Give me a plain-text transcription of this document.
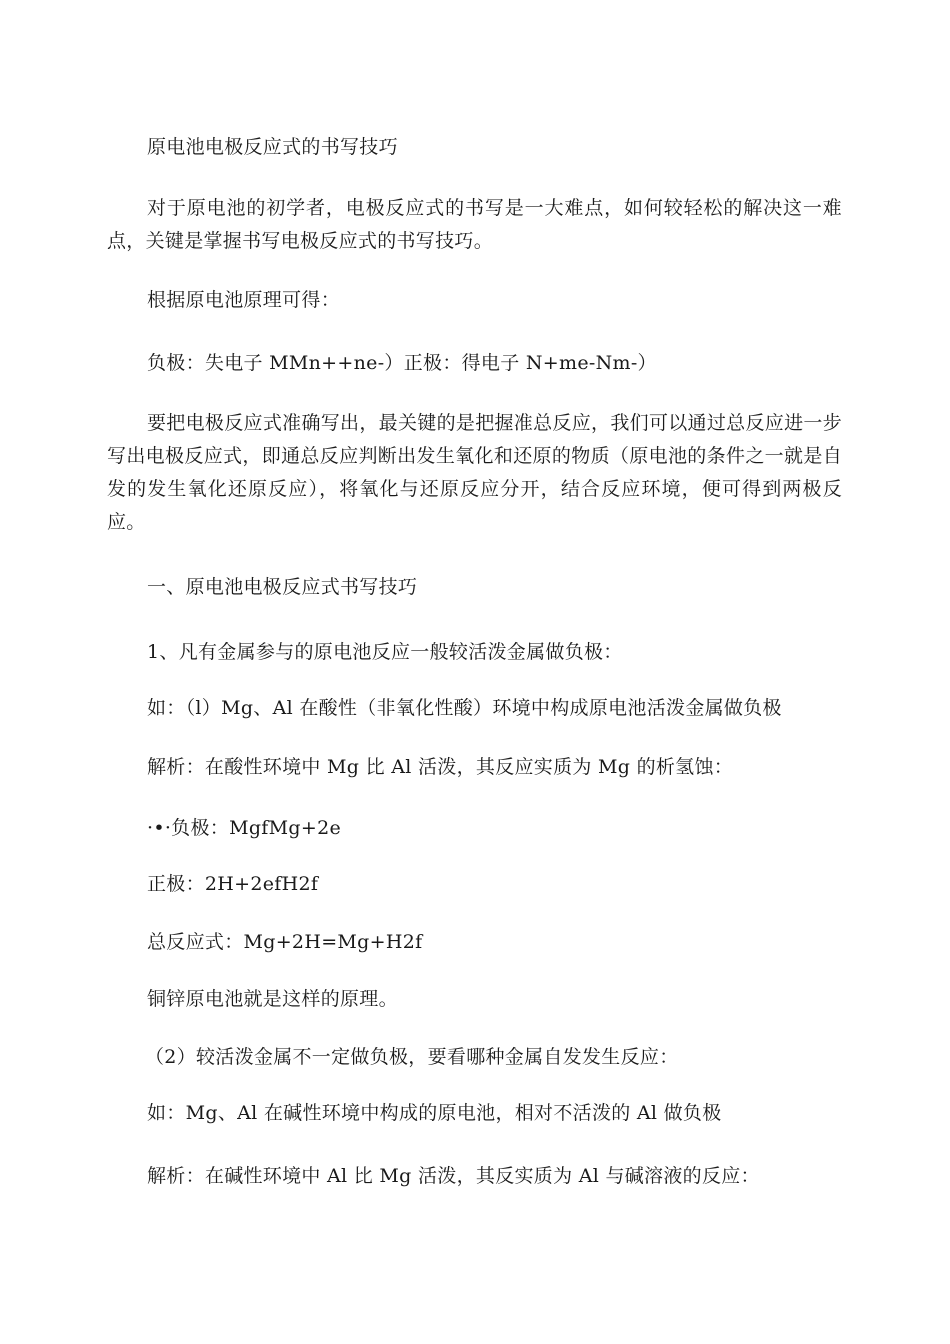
原电池电极反应式的书写技巧

对于原电池的初学者，电极反应式的书写是一大难点，如何较轻松的解决这一难点，关键是掌握书写电极反应式的书写技巧。

根据原电池原理可得：

负极：失电子 MMn++ne-）正极：得电子 N+me-Nm-）

要把电极反应式准确写出，最关键的是把握准总反应，我们可以通过总反应进一步写出电极反应式，即通总反应判断出发生氧化和还原的物质（原电池的条件之一就是自发的发生氧化还原反应），将氧化与还原反应分开，结合反应环境，便可得到两极反应。

一、原电池电极反应式书写技巧

1、凡有金属参与的原电池反应一般较活泼金属做负极：

如：（l）Mg、Al 在酸性（非氧化性酸）环境中构成原电池活泼金属做负极

解析：在酸性环境中 Mg 比 Al 活泼，其反应实质为 Mg 的析氢蚀：

·•·负极：MgfMg+2e

正极：2H+2efH2f

总反应式：Mg+2H=Mg+H2f

铜锌原电池就是这样的原理。

（2）较活泼金属不一定做负极，要看哪种金属自发发生反应：

如：Mg、Al 在碱性环境中构成的原电池，相对不活泼的 Al 做负极

解析：在碱性环境中 Al 比 Mg 活泼，其反实质为 Al 与碱溶液的反应：
